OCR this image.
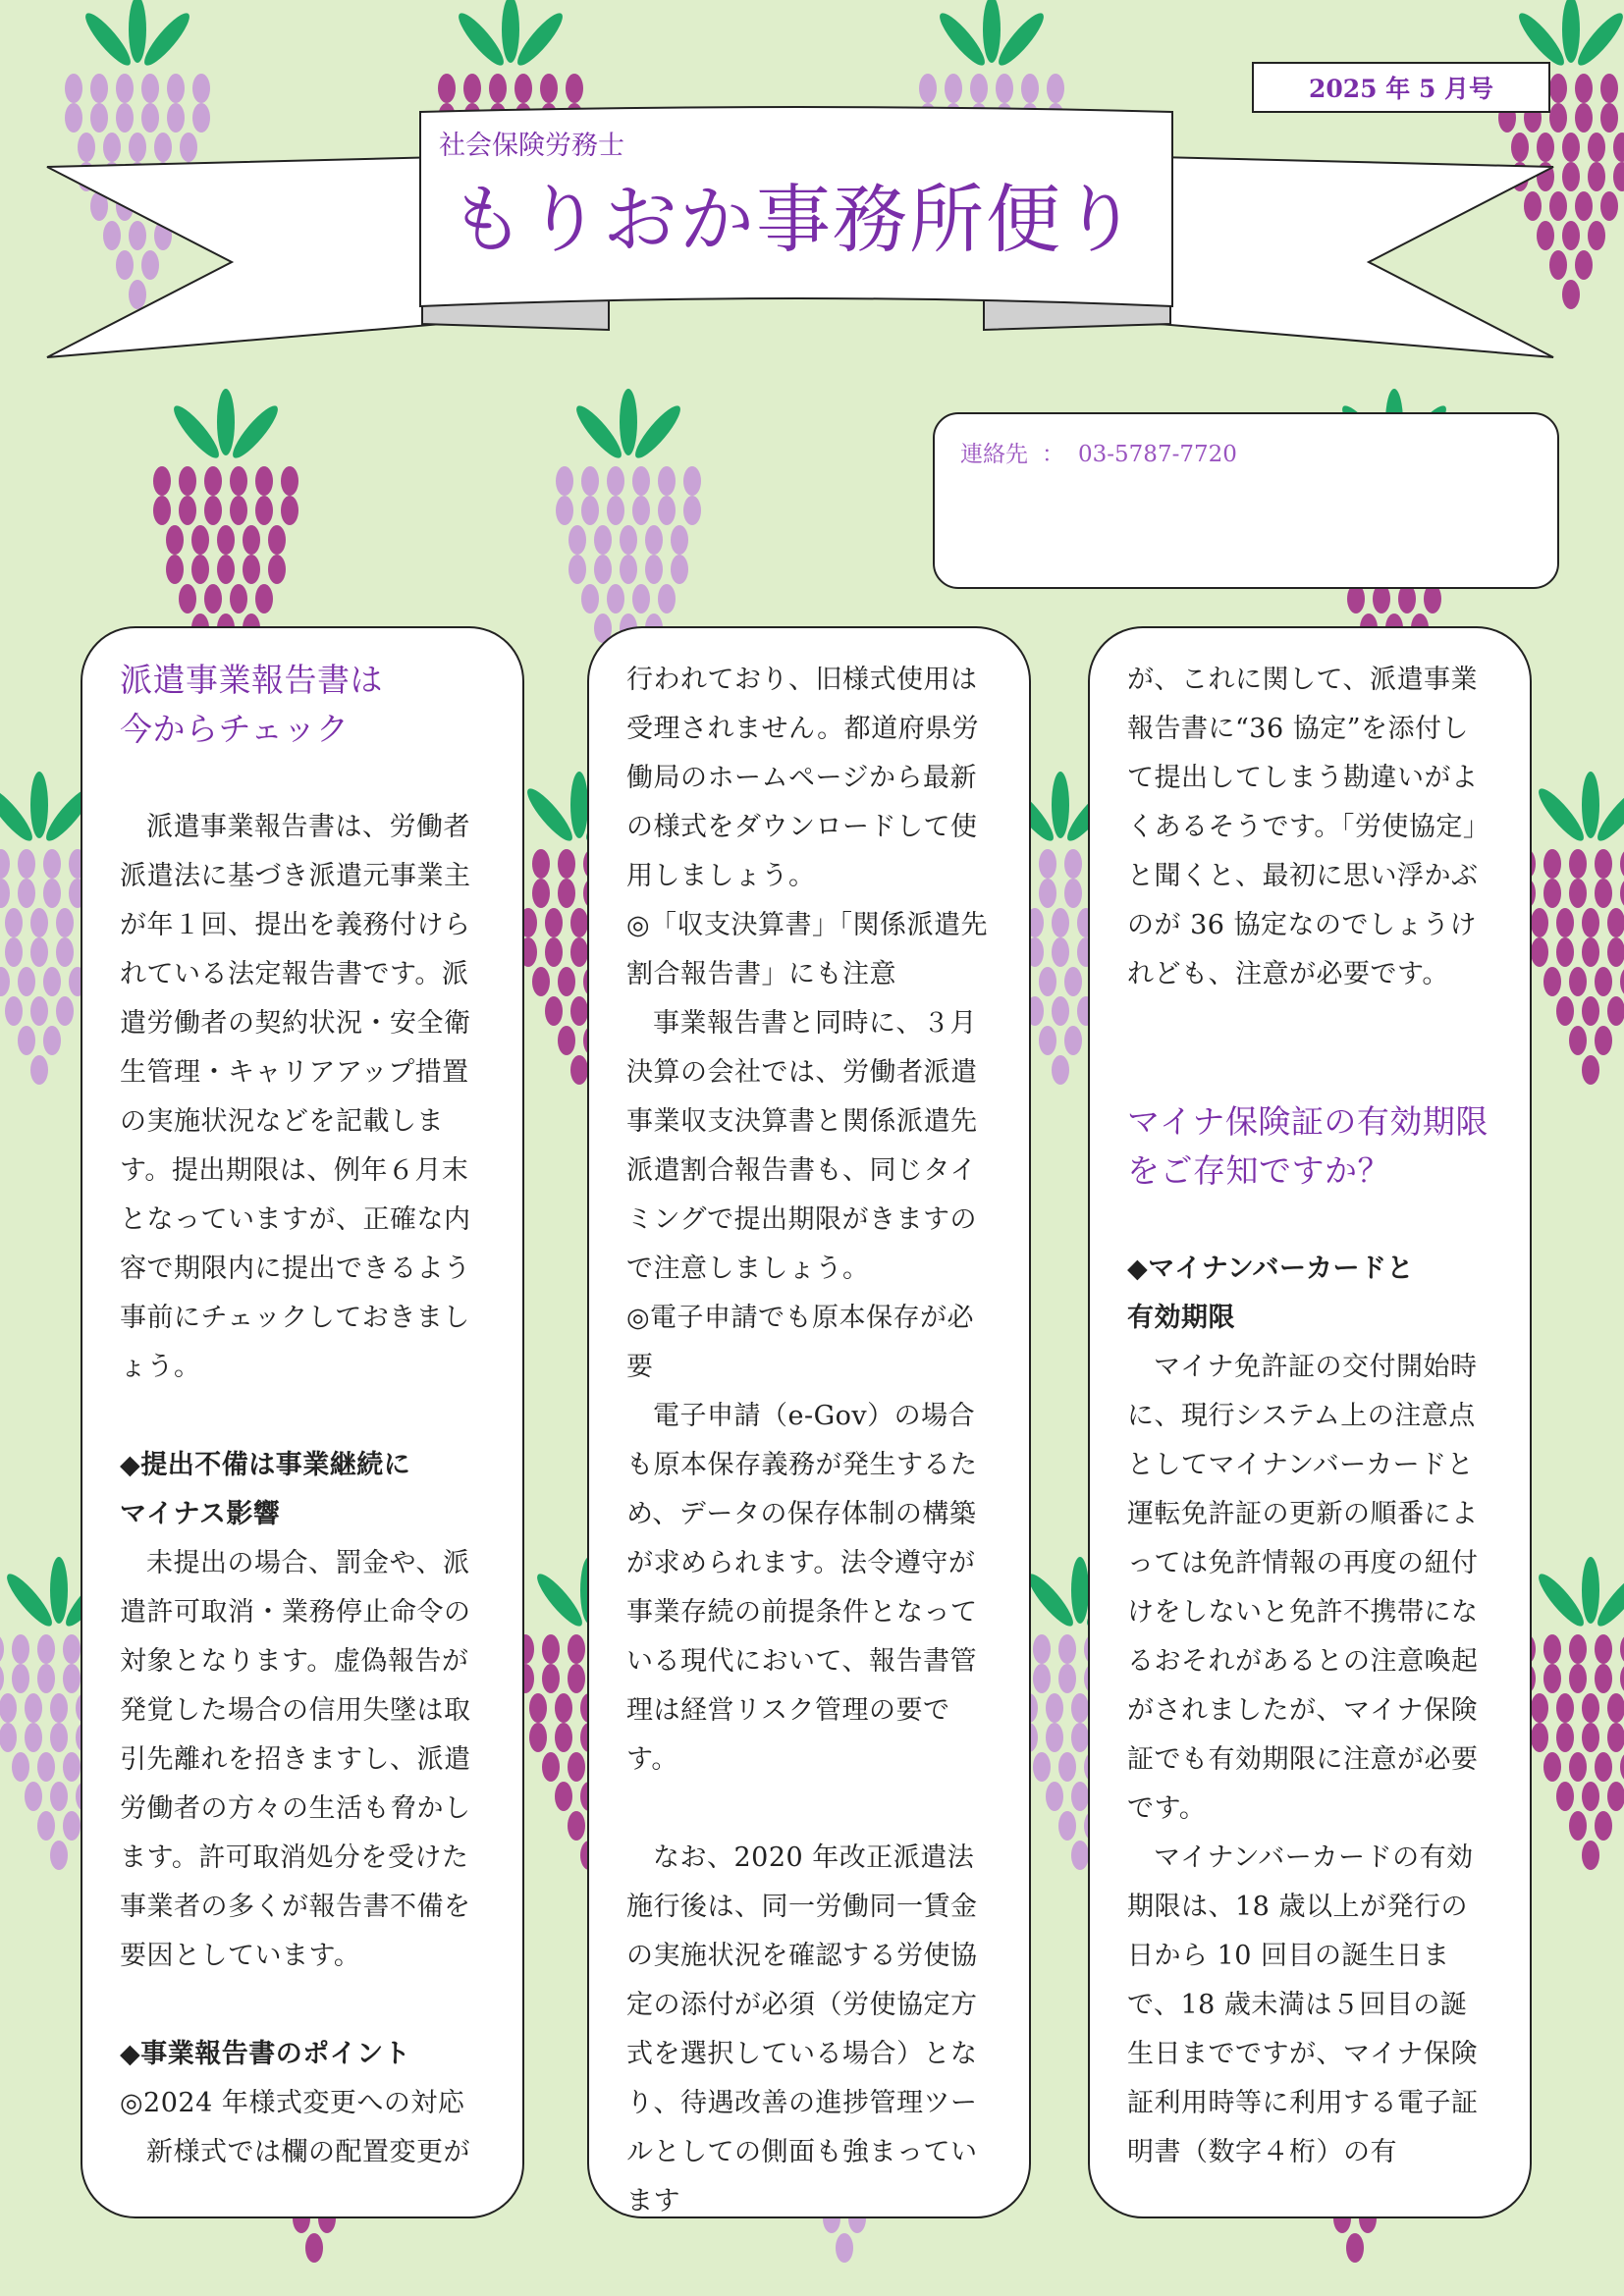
2025 年 5 月号
社会保険労務士
もりおか事務所便り
連絡先 ： 03-5787-7720
派遣事業報告書は
今からチェック

派遣事業報告書は、労働者派遣法に基づき派遣元事業主が年１回、提出を義務付けられている法定報告書です。派遣労働者の契約状況・安全衛生管理・キャリアアップ措置の実施状況などを記載します。提出期限は、例年６月末となっていますが、正確な内容で期限内に提出できるよう事前にチェックしておきましょう。

◆提出不備は事業継続に
マイナス影響

未提出の場合、罰金や、派遣許可取消・業務停止命令の対象となります。虚偽報告が発覚した場合の信用失墜は取引先離れを招きますし、派遣労働者の方々の生活も脅かします。許可取消処分を受けた事業者の多くが報告書不備を要因としています。

◆事業報告書のポイント

◎2024 年様式変更への対応

新様式では欄の配置変更が

行われており、旧様式使用は受理されません。都道府県労働局のホームページから最新の様式をダウンロードして使用しましょう。

◎「収支決算書」「関係派遣先割合報告書」にも注意

事業報告書と同時に、３月決算の会社では、労働者派遣事業収支決算書と関係派遣先派遣割合報告書も、同じタイミングで提出期限がきますので注意しましょう。

◎電子申請でも原本保存が必要

電子申請（e-Gov）の場合も原本保存義務が発生するため、データの保存体制の構築が求められます。法令遵守が事業存続の前提条件となっている現代において、報告書管理は経営リスク管理の要です。

なお、2020 年改正派遣法施行後は、同一労働同一賃金の実施状況を確認する労使協定の添付が必須（労使協定方式を選択している場合）となり、待遇改善の進捗管理ツールとしての側面も強まっています

が、これに関して、派遣事業報告書に“36 協定”を添付して提出してしまう勘違いがよくあるそうです。「労使協定」と聞くと、最初に思い浮かぶのが 36 協定なのでしょうけれども、注意が必要です。

マイナ保険証の有効期限
をご存知ですか？
◆マイナンバーカードと
有効期限

マイナ免許証の交付開始時に、現行システム上の注意点としてマイナンバーカードと運転免許証の更新の順番によっては免許情報の再度の紐付けをしないと免許不携帯になるおそれがあるとの注意喚起がされましたが、マイナ保険証でも有効期限に注意が必要です。

マイナンバーカードの有効期限は、18 歳以上が発行の日から 10 回目の誕生日まで、18 歳未満は５回目の誕生日までですが、マイナ保険証利用時等に利用する電子証明書（数字４桁）の有
